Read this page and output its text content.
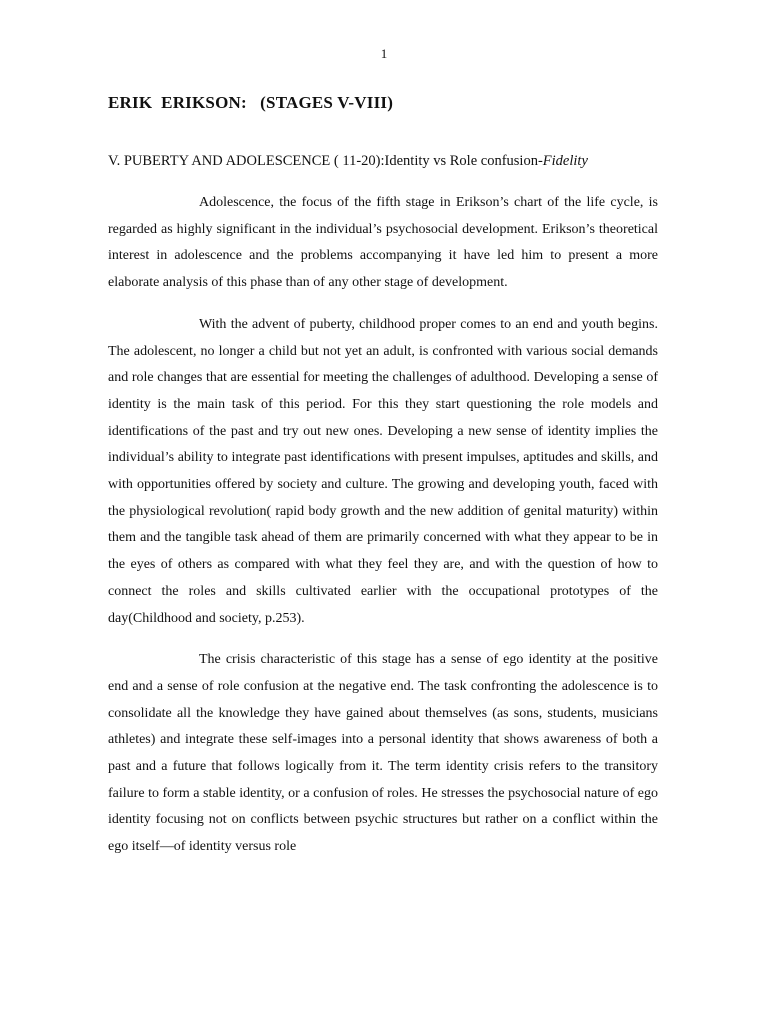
1
ERIK  ERIKSON:   (STAGES V-VIII)
V. PUBERTY AND ADOLESCENCE ( 11-20):Identity vs Role confusion-Fidelity

Adolescence, the focus of the fifth stage in Erikson’s chart of the life cycle, is regarded as highly significant in the individual’s psychosocial development. Erikson’s theoretical interest in adolescence and the problems accompanying it have led him to present a more elaborate analysis of this phase than of any other stage of development.

With the advent of puberty, childhood proper comes to an end and youth begins. The adolescent, no longer a child but not yet an adult, is confronted with various social demands and role changes that are essential for meeting the challenges of adulthood. Developing a sense of identity is the main task of this period. For this they start questioning the role models and identifications of the past and try out new ones. Developing a new sense of identity implies the individual’s ability to integrate past identifications with present impulses, aptitudes and skills, and with opportunities offered by society and culture. The growing and developing youth, faced with the physiological revolution( rapid body growth and the new addition of genital maturity) within them and the tangible task ahead of them are primarily concerned with what they appear to be in the eyes of others as compared with what they feel they are, and with the question of how to connect the roles and skills cultivated earlier with the occupational prototypes of the day(Childhood and society, p.253).

The crisis characteristic of this stage has a sense of ego identity at the positive end and a sense of role confusion at the negative end. The task confronting the adolescence is to consolidate all the knowledge they have gained about themselves (as sons, students, musicians athletes) and integrate these self-images into a personal identity that shows awareness of both a past and a future that follows logically from it. The term identity crisis refers to the transitory failure to form a stable identity, or a confusion of roles. He stresses the psychosocial nature of ego identity focusing not on conflicts between psychic structures but rather on a conflict within the ego itself—of identity versus role
